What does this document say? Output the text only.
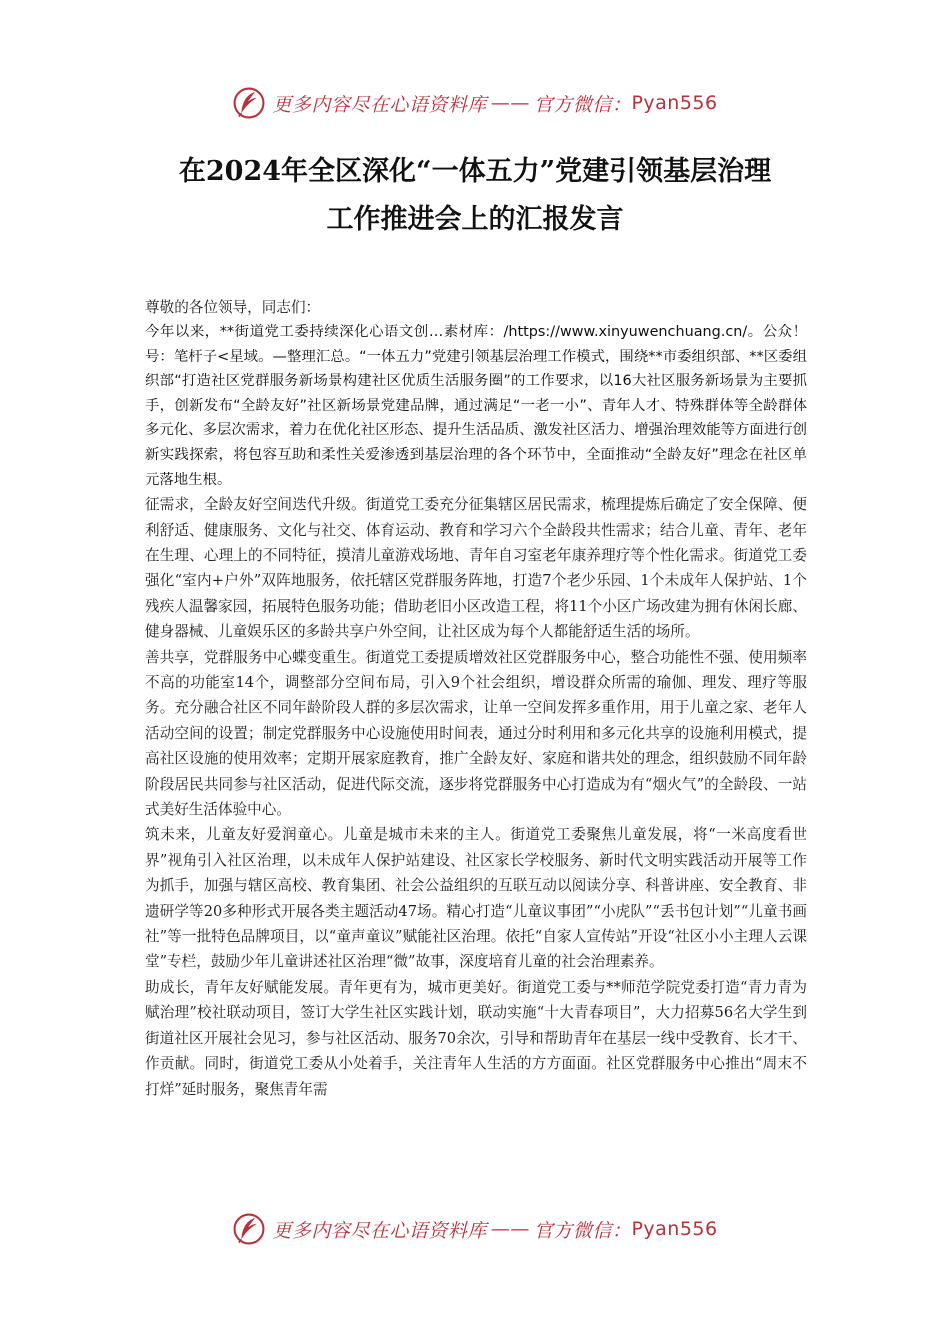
更多内容尽在心语资料库 —— 官方微信： Pyan556
在2024年全区深化“一体五力”党建引领基层治理
工作推进会上的汇报发言

尊敬的各位领导，同志们：

今年以来，**街道党工委持续深化心语文创…素材库：/https://www.xinyuwenchuang.cn/。公众！号：笔杆子<星域。—整理汇总。“一体五力”党建引领基层治理工作模式，围绕**市委组织部、**区委组织部“打造社区党群服务新场景构建社区优质生活服务圈”的工作要求，以16大社区服务新场景为主要抓手，创新发布“全龄友好”社区新场景党建品牌，通过满足“一老一小”、青年人才、特殊群体等全龄群体多元化、多层次需求，着力在优化社区形态、提升生活品质、激发社区活力、增强治理效能等方面进行创新实践探索，将包容互助和柔性关爱渗透到基层治理的各个环节中，全面推动“全龄友好”理念在社区单元落地生根。

征需求，全龄友好空间迭代升级。街道党工委充分征集辖区居民需求，梳理提炼后确定了安全保障、便利舒适、健康服务、文化与社交、体育运动、教育和学习六个全龄段共性需求；结合儿童、青年、老年在生理、心理上的不同特征，摸清儿童游戏场地、青年自习室老年康养理疗等个性化需求。街道党工委强化“室内+户外”双阵地服务，依托辖区党群服务阵地，打造7个老少乐园、1个未成年人保护站、1个残疾人温馨家园，拓展特色服务功能；借助老旧小区改造工程，将11个小区广场改建为拥有休闲长廊、健身器械、儿童娱乐区的多龄共享户外空间，让社区成为每个人都能舒适生活的场所。

善共享，党群服务中心蝶变重生。街道党工委提质增效社区党群服务中心，整合功能性不强、使用频率不高的功能室14个，调整部分空间布局，引入9个社会组织，增设群众所需的瑜伽、理发、理疗等服务。充分融合社区不同年龄阶段人群的多层次需求，让单一空间发挥多重作用，用于儿童之家、老年人活动空间的设置；制定党群服务中心设施使用时间表，通过分时利用和多元化共享的设施利用模式，提高社区设施的使用效率；定期开展家庭教育，推广全龄友好、家庭和谐共处的理念，组织鼓励不同年龄阶段居民共同参与社区活动，促进代际交流，逐步将党群服务中心打造成为有“烟火气”的全龄段、一站式美好生活体验中心。

筑未来，儿童友好爱润童心。儿童是城市未来的主人。街道党工委聚焦儿童发展，将“一米高度看世界”视角引入社区治理，以未成年人保护站建设、社区家长学校服务、新时代文明实践活动开展等工作为抓手，加强与辖区高校、教育集团、社会公益组织的互联互动以阅读分享、科普讲座、安全教育、非遗研学等20多种形式开展各类主题活动47场。精心打造“儿童议事团”“小虎队”“丢书包计划”“儿童书画社”等一批特色品牌项目，以“童声童议”赋能社区治理。依托“自家人宣传站”开设“社区小小主理人云课堂”专栏，鼓励少年儿童讲述社区治理“微”故事，深度培育儿童的社会治理素养。

助成长，青年友好赋能发展。青年更有为，城市更美好。街道党工委与**师范学院党委打造“青力青为赋治理”校社联动项目，签订大学生社区实践计划，联动实施“十大青春项目”，大力招募56名大学生到街道社区开展社会见习，参与社区活动、服务70余次，引导和帮助青年在基层一线中受教育、长才干、作贡献。同时，街道党工委从小处着手，关注青年人生活的方方面面。社区党群服务中心推出“周末不打烊”延时服务，聚焦青年需

更多内容尽在心语资料库 —— 官方微信： Pyan556
